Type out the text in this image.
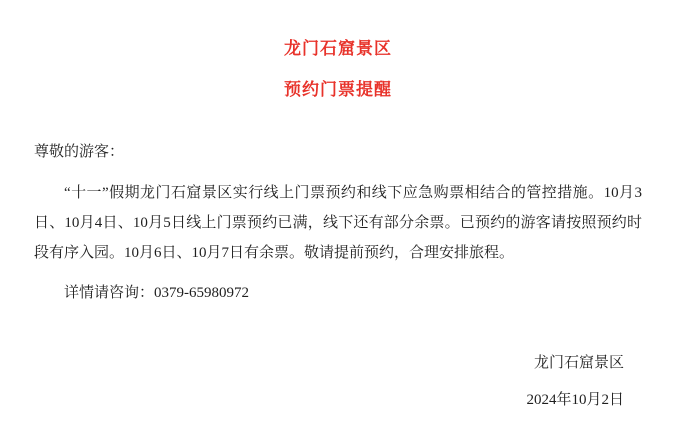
龙门石窟景区
预约门票提醒
尊敬的游客：
“十一”假期龙门石窟景区实行线上门票预约和线下应急购票相结合的管控措施。10月3日、10月4日、10月5日线上门票预约已满，线下还有部分余票。已预约的游客请按照预约时段有序入园。10月6日、10月7日有余票。敬请提前预约，合理安排旅程。
详情请咨询：0379-65980972
龙门石窟景区
2024年10月2日
